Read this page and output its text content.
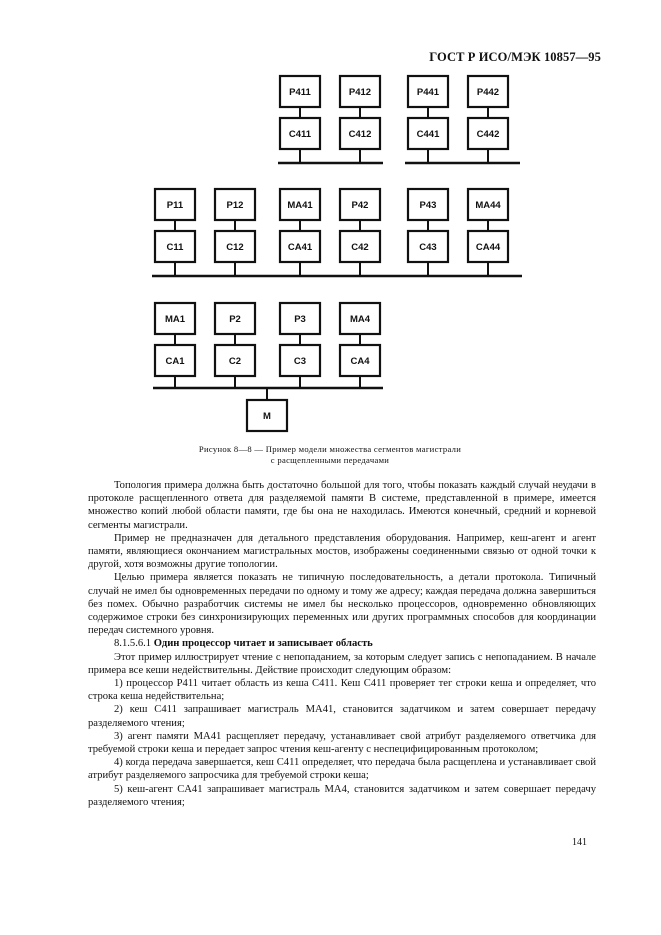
ГОСТ Р ИСО/МЭК 10857—95
P411
C411
P412
C412
P441
C441
P442
C442
P11
C11
P12
C12
MA41
CA41
P42
C42
P43
C43
MA44
CA44
MA1
CA1
P2
C2
P3
C3
MA4
CA4
M
Рисунок 8—8 — Пример модели множества сегментов магистрали
с расщепленными передачами

Топология примера должна быть достаточно большой для того, чтобы показать каждый случай неудачи в протоколе расщепленного ответа для разделяемой памяти В системе, представленной в примере, имеется множество копий любой области памяти, где бы она не находилась. Имеются конечный, средний и корневой сегменты магистрали.

Пример не предназначен для детального представления оборудования. Например, кеш-агент и агент памяти, являющиеся окончанием магистральных мостов, изображены соединенными связью от одной точки к другой, хотя возможны другие топологии.

Целью примера является показать не типичную последовательность, а детали протокола. Типичный случай не имел бы одновременных передачи по одному и тому же адресу; каждая передача должна завершиться без помех. Обычно разработчик системы не имел бы несколько процессоров, одновременно обновляющих содержимое строки без синхронизирующих переменных или других программных способов для координации передач системного уровня.

8.1.5.6.1 Один процессор читает и записывает область

Этот пример иллюстрирует чтение с непопаданием, за которым следует запись с непопаданием. В начале примера все кеши недействительны. Действие происходит следующим образом:

1) процессор P411 читает область из кеша C411. Кеш C411 проверяет тег строки кеша и определяет, что строка кеша недействительна;

2) кеш C411 запрашивает магистраль MA41, становится задатчиком и затем совершает передачу разделяемого чтения;

3) агент памяти MA41 расщепляет передачу, устанавливает свой атрибут разделяемого ответчика для требуемой строки кеша и передает запрос чтения кеш-агенту с неспецифицированным протоколом;

4) когда передача завершается, кеш C411 определяет, что передача была расщеплена и устанавливает свой атрибут разделяемого запросчика для требуемой строки кеша;

5) кеш-агент CA41 запрашивает магистраль MA4, становится задатчиком и затем совершает передачу разделяемого чтения;

141
